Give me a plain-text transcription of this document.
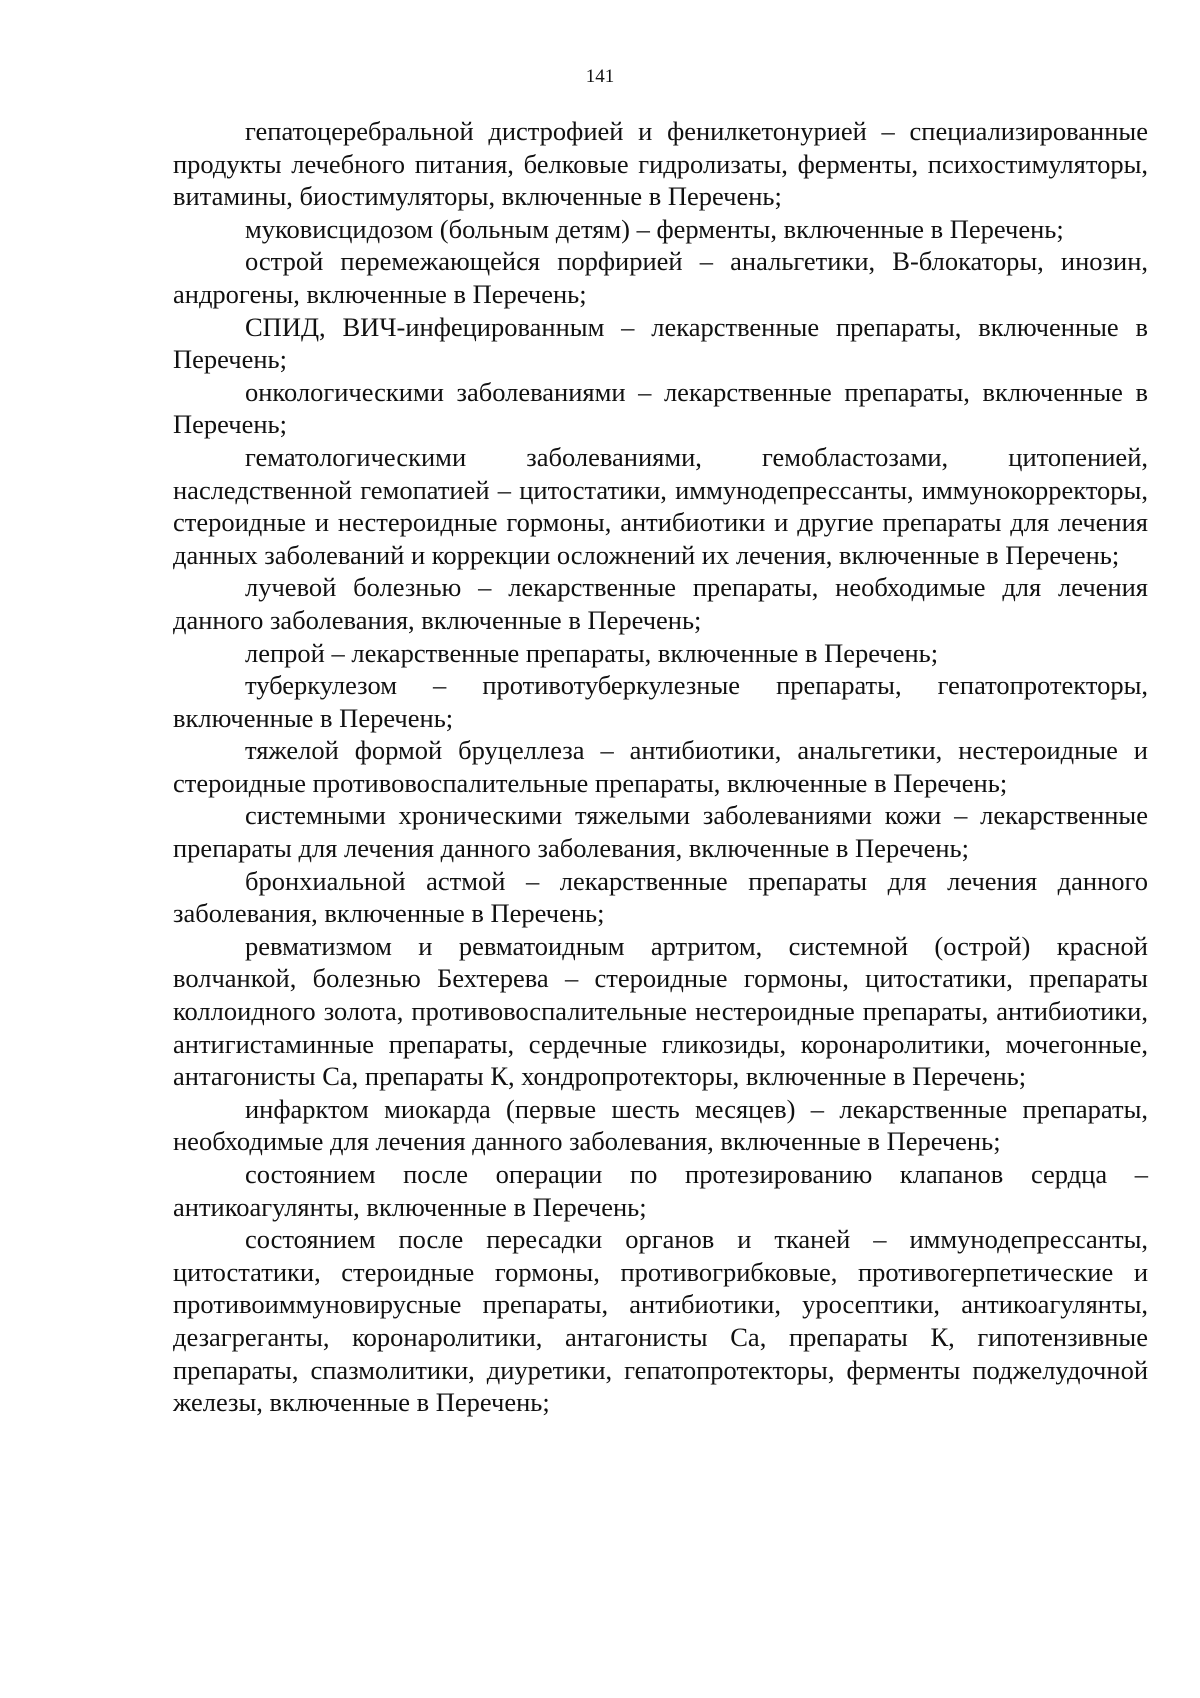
141

гепатоцеребральной дистрофией и фенилкетонурией – специализированные продукты лечебного питания, белковые гидролизаты, ферменты, психостимуляторы, витамины, биостимуляторы, включенные в Перечень;

муковисцидозом (больным детям) – ферменты, включенные в Перечень;

острой перемежающейся порфирией – анальгетики, B-блокаторы, инозин, андрогены, включенные в Перечень;

СПИД, ВИЧ-инфецированным – лекарственные препараты, включенные в Перечень;

онкологическими заболеваниями – лекарственные препараты, включенные в Перечень;

гематологическими заболеваниями, гемобластозами, цитопенией, наследственной гемопатией – цитостатики, иммунодепрессанты, иммунокорректоры, стероидные и нестероидные гормоны, антибиотики и другие препараты для лечения данных заболеваний и коррекции осложнений их лечения, включенные в Перечень;

лучевой болезнью – лекарственные препараты, необходимые для лечения данного заболевания, включенные в Перечень;

лепрой – лекарственные препараты, включенные в Перечень;

туберкулезом – противотуберкулезные препараты, гепатопротекторы, включенные в Перечень;

тяжелой формой бруцеллеза – антибиотики, анальгетики, нестероидные и стероидные противовоспалительные препараты, включенные в Перечень;

системными хроническими тяжелыми заболеваниями кожи – лекарственные препараты для лечения данного заболевания, включенные в Перечень;

бронхиальной астмой – лекарственные препараты для лечения данного заболевания, включенные в Перечень;

ревматизмом и ревматоидным артритом, системной (острой) красной волчанкой, болезнью Бехтерева – стероидные гормоны, цитостатики, препараты коллоидного золота, противовоспалительные нестероидные препараты, антибиотики, антигистаминные препараты, сердечные гликозиды, коронаролитики, мочегонные, антагонисты Са, препараты К, хондропротекторы, включенные в Перечень;

инфарктом миокарда (первые шесть месяцев) – лекарственные препараты, необходимые для лечения данного заболевания, включенные в Перечень;

состоянием после операции по протезированию клапанов сердца – антикоагулянты, включенные в Перечень;

состоянием после пересадки органов и тканей – иммунодепрессанты, цитостатики, стероидные гормоны, противогрибковые, противогерпетические и противоиммуновирусные препараты, антибиотики, уросептики, антикоагулянты, дезагреганты, коронаролитики, антагонисты Са, препараты К, гипотензивные препараты, спазмолитики, диуретики, гепатопротекторы, ферменты поджелудочной железы, включенные в Перечень;
